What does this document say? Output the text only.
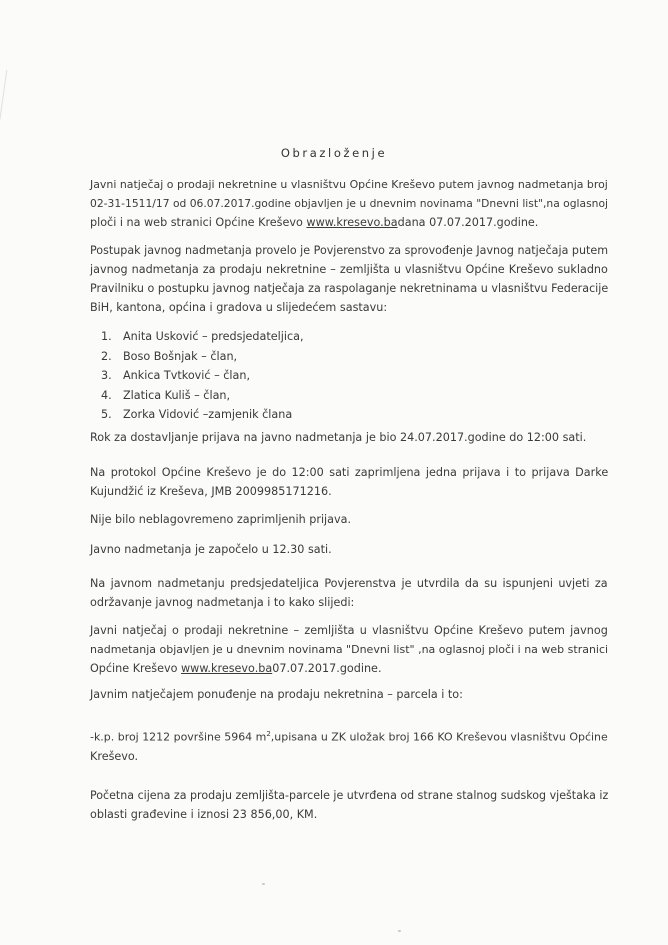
Obrazloženje
Javni natječaj o prodaji nekretnine u vlasništvu Općine Kreševo putem javnog nadmetanja broj
02-31-1511/17 od 06.07.2017.godine objavljen je u dnevnim novinama "Dnevni list",na oglasnoj
ploči i na web stranici Općine Kreševo www.kresevo.badana 07.07.2017.godine.
Postupak javnog nadmetanja provelo je Povjerenstvo za sprovođenje Javnog natječaja putem
javnog nadmetanja za prodaju nekretnine – zemljišta u vlasništvu Općine Kreševo sukladno
Pravilniku o postupku javnog natječaja za raspolaganje nekretninama u vlasništvu Federacije
BiH, kantona, općina i gradova u slijedećem sastavu:
1.	Anita Usković – predsjedateljica,
2.	Boso Bošnjak – član,
3.	Ankica Tvtković – član,
4.	Zlatica Kuliš – član,
5.	Zorka Vidović –zamjenik člana
Rok za dostavljanje prijava na javno nadmetanja je bio 24.07.2017.godine do 12:00 sati.
Na protokol Općine Kreševo je do 12:00 sati zaprimljena jedna prijava i to prijava Darke
Kujundžić iz Kreševa, JMB 2009985171216.
Nije bilo neblagovremeno zaprimljenih prijava.
Javno nadmetanja je započelo u 12.30 sati.
Na javnom nadmetanju predsjedateljica Povjerenstva je utvrdila da su ispunjeni uvjeti za
održavanje javnog nadmetanja i to kako slijedi:
Javni natječaj o prodaji nekretnine – zemljišta u vlasništvu Općine Kreševo putem javnog
nadmetanja objavljen je u dnevnim novinama "Dnevni list" ,na oglasnoj ploči i na web stranici
Općine Kreševo www.kresevo.ba07.07.2017.godine.
Javnim natječajem ponuđenje na prodaju nekretnina – parcela i to:
-k.p. broj 1212 površine 5964 $m^2,upisana$ u ZK uložak broj 166 KO Kreševou vlasništvu Općine
Kreševo.
Početna cijena za prodaju zemljišta-parcele je utvrđena od strane stalnog sudskog vještaka iz
oblasti građevine i iznosi 23 856,00, KM.
